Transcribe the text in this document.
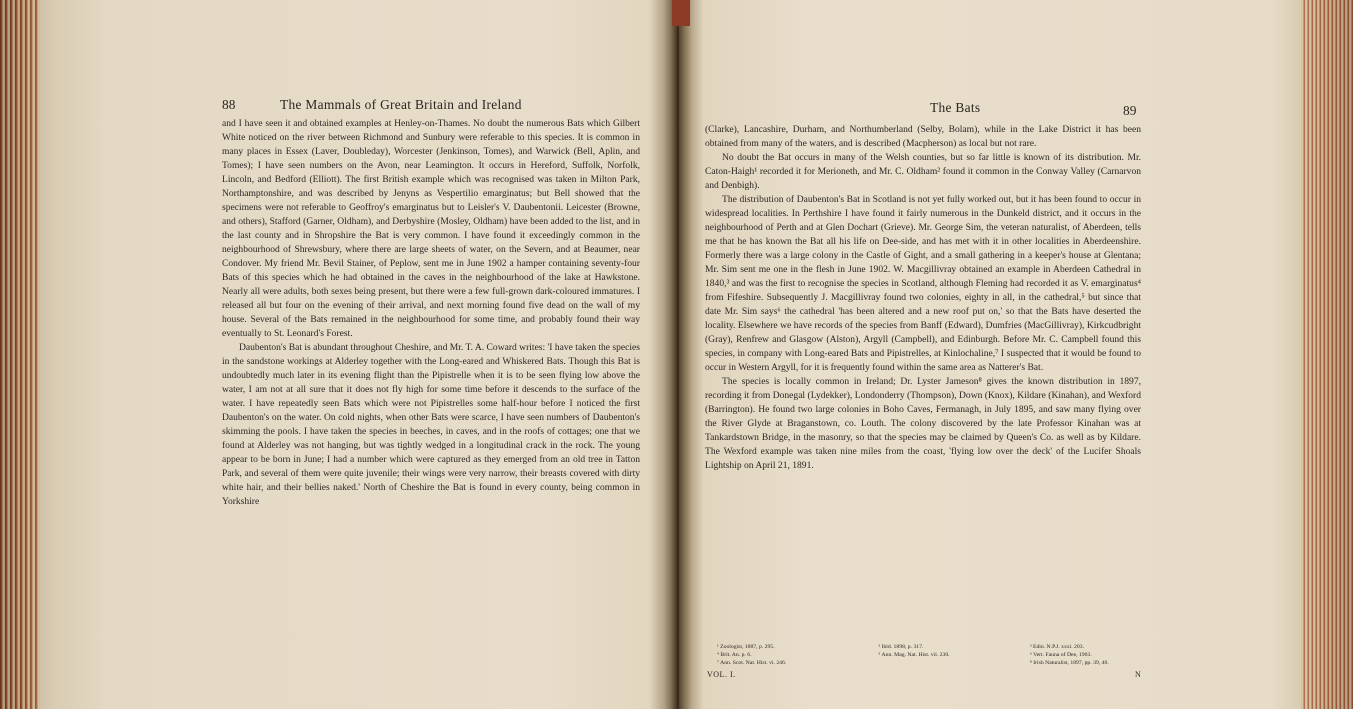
88	The Mammals of Great Britain and Ireland

and I have seen it and obtained examples at Henley-on-Thames. No doubt the numerous Bats which Gilbert White noticed on the river between Richmond and Sunbury were referable to this species. It is common in many places in Essex (Laver, Doubleday), Worcester (Jenkinson, Tomes), and Warwick (Bell, Aplin, and Tomes); I have seen numbers on the Avon, near Leamington. It occurs in Hereford, Suffolk, Norfolk, Lincoln, and Bedford (Elliott). The first British example which was recognised was taken in Milton Park, Northamptonshire, and was described by Jenyns as Vespertilio emarginatus; but Bell showed that the specimens were not referable to Geoffroy's emarginatus but to Leisler's V. Daubentonii. Leicester (Browne, and others), Stafford (Garner, Oldham), and Derbyshire (Mosley, Oldham) have been added to the list, and in the last county and in Shropshire the Bat is very common. I have found it exceedingly common in the neighbourhood of Shrewsbury, where there are large sheets of water, on the Severn, and at Beaumer, near Condover. My friend Mr. Bevil Stainer, of Peplow, sent me in June 1902 a hamper containing seventy-four Bats of this species which he had obtained in the caves in the neighbourhood of the lake at Hawkstone. Nearly all were adults, both sexes being present, but there were a few full-grown dark-coloured immatures. I released all but four on the evening of their arrival, and next morning found five dead on the wall of my house. Several of the Bats remained in the neighbourhood for some time, and probably found their way eventually to St. Leonard's Forest.

Daubenton's Bat is abundant throughout Cheshire, and Mr. T. A. Coward writes: 'I have taken the species in the sandstone workings at Alderley together with the Long-eared and Whiskered Bats. Though this Bat is undoubtedly much later in its evening flight than the Pipistrelle when it is to be seen flying low above the water, I am not at all sure that it does not fly high for some time before it descends to the surface of the water. I have repeatedly seen Bats which were not Pipistrelles some half-hour before I noticed the first Daubenton's on the water. On cold nights, when other Bats were scarce, I have seen numbers of Daubenton's skimming the pools. I have taken the species in beeches, in caves, and in the roofs of cottages; one that we found at Alderley was not hanging, but was tightly wedged in a longitudinal crack in the rock. The young appear to be born in June; I had a number which were captured as they emerged from an old tree in Tatton Park, and several of them were quite juvenile; their wings were very narrow, their breasts covered with dirty white hair, and their bellies naked.' North of Cheshire the Bat is found in every county, being common in Yorkshire

The Bats	89

(Clarke), Lancashire, Durham, and Northumberland (Selby, Bolam), while in the Lake District it has been obtained from many of the waters, and is described (Macpherson) as local but not rare.

No doubt the Bat occurs in many of the Welsh counties, but so far little is known of its distribution. Mr. Caton-Haigh¹ recorded it for Merioneth, and Mr. C. Oldham² found it common in the Conway Valley (Carnarvon and Denbigh).

The distribution of Daubenton's Bat in Scotland is not yet fully worked out, but it has been found to occur in widespread localities. In Perthshire I have found it fairly numerous in the Dunkeld district, and it occurs in the neighbourhood of Perth and at Glen Dochart (Grieve). Mr. George Sim, the veteran naturalist, of Aberdeen, tells me that he has known the Bat all his life on Dee-side, and has met with it in other localities in Aberdeenshire. Formerly there was a large colony in the Castle of Gight, and a small gathering in a keeper's house at Glentana; Mr. Sim sent me one in the flesh in June 1902. W. Macgillivray obtained an example in Aberdeen Cathedral in 1840,³ and was the first to recognise the species in Scotland, although Fleming had recorded it as V. emarginatus⁴ from Fifeshire. Subsequently J. Macgillivray found two colonies, eighty in all, in the cathedral,⁵ but since that date Mr. Sim says⁶ the cathedral 'has been altered and a new roof put on,' so that the Bats have deserted the locality. Elsewhere we have records of the species from Banff (Edward), Dumfries (MacGillivray), Kirkcudbright (Gray), Renfrew and Glasgow (Alston), Argyll (Campbell), and Edinburgh. Before Mr. C. Campbell found this species, in company with Long-eared Bats and Pipistrelles, at Kinlochaline,⁷ I suspected that it would be found to occur in Western Argyll, for it is frequently found within the same area as Natterer's Bat.

The species is locally common in Ireland; Dr. Lyster Jameson⁸ gives the known distribution in 1897, recording it from Donegal (Lydekker), Londonderry (Thompson), Down (Knox), Kildare (Kinahan), and Wexford (Barrington). He found two large colonies in Boho Caves, Fermanagh, in July 1895, and saw many flying over the River Glyde at Braganstown, co. Louth. The colony discovered by the late Professor Kinahan was at Tankardstown Bridge, in the masonry, so that the species may be claimed by Queen's Co. as well as by Kildare. The Wexford example was taken nine miles from the coast, 'flying low over the deck' of the Lucifer Shoals Lightship on April 21, 1891.

¹ Zoologist, 1887, p. 295.	² Ibid. 1898, p. 317.	³ Edin. N.P.J. xxxi. 203.
⁴ Brit. An. p. 6.	⁵ Ann. Mag. Nat. Hist. vii. 230.	⁶ Vert. Fauna of Dee, 1903.
⁷ Ann. Scot. Nat. Hist. vi. 246.	⁸ Irish Naturalist, 1897, pp. 39, 40.
VOL. I.	N
